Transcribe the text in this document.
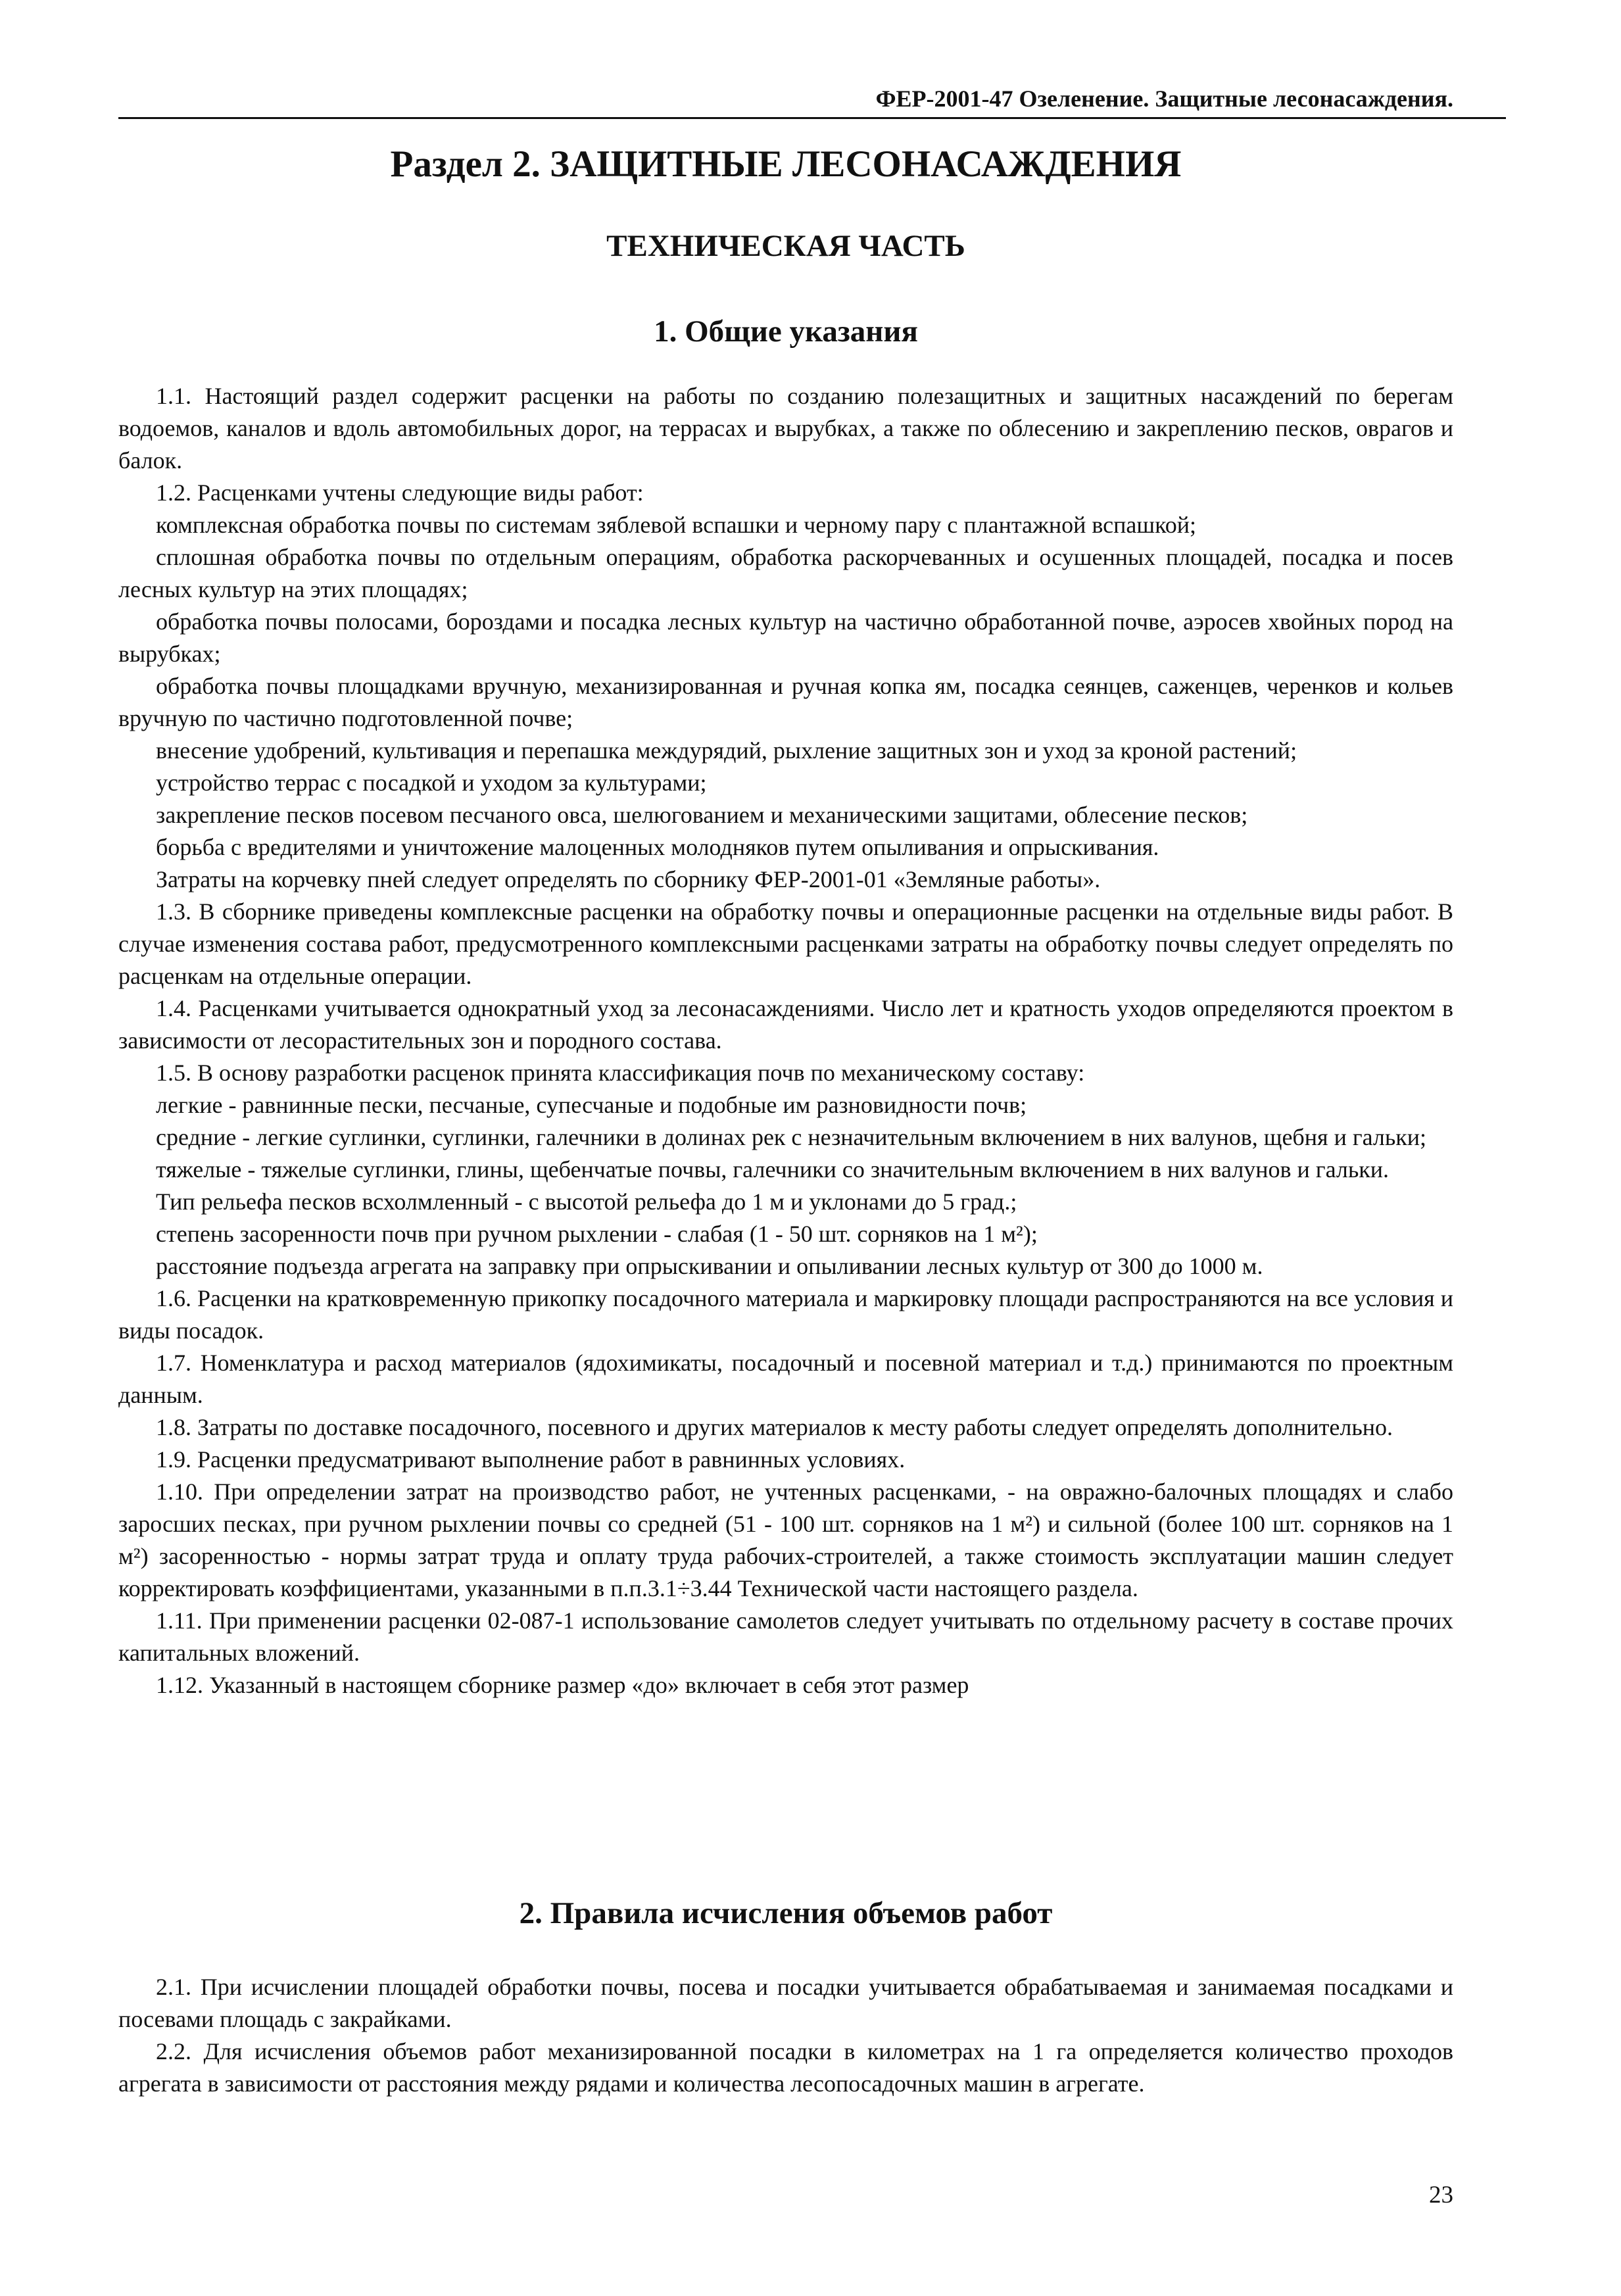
ФЕР-2001-47 Озеленение. Защитные лесонасаждения.
Раздел 2. ЗАЩИТНЫЕ ЛЕСОНАСАЖДЕНИЯ
ТЕХНИЧЕСКАЯ ЧАСТЬ
1. Общие указания

1.1. Настоящий раздел содержит расценки на работы по созданию полезащитных и защитных насаждений по берегам водоемов, каналов и вдоль автомобильных дорог, на террасах и вырубках, а также по облесению и закреплению песков, оврагов и балок.

1.2. Расценками учтены следующие виды работ:

комплексная обработка почвы по системам зяблевой вспашки и черному пару с плантажной вспашкой;

сплошная обработка почвы по отдельным операциям, обработка раскорчеванных и осушенных площадей, посадка и посев лесных культур на этих площадях;

обработка почвы полосами, бороздами и посадка лесных культур на частично обработанной почве, аэросев хвойных пород на вырубках;

обработка почвы площадками вручную, механизированная и ручная копка ям, посадка сеянцев, саженцев, черенков и кольев вручную по частично подготовленной почве;

внесение удобрений, культивация и перепашка междурядий, рыхление защитных зон и уход за кроной растений;

устройство террас с посадкой и уходом за культурами;

закрепление песков посевом песчаного овса, шелюгованием и механическими защитами, облесение песков;

борьба с вредителями и уничтожение малоценных молодняков путем опыливания и опрыскивания.

Затраты на корчевку пней следует определять по сборнику ФЕР-2001-01 «Земляные работы».

1.3. В сборнике приведены комплексные расценки на обработку почвы и операционные расценки на отдельные виды работ. В случае изменения состава работ, предусмотренного комплексными расценками затраты на обработку почвы следует определять по расценкам на отдельные операции.

1.4. Расценками учитывается однократный уход за лесонасаждениями. Число лет и кратность уходов определяются проектом в зависимости от лесорастительных зон и породного состава.

1.5. В основу разработки расценок принята классификация почв по механическому составу:

легкие - равнинные пески, песчаные, супесчаные и подобные им разновидности почв;

средние - легкие суглинки, суглинки, галечники в долинах рек с незначительным включением в них валунов, щебня и гальки;

тяжелые - тяжелые суглинки, глины, щебенчатые почвы, галечники со значительным включением в них валунов и гальки.

Тип рельефа песков всхолмленный - с высотой рельефа до 1 м и уклонами до 5 град.;

степень засоренности почв при ручном рыхлении - слабая (1 - 50 шт. сорняков на 1 м²);

расстояние подъезда агрегата на заправку при опрыскивании и опыливании лесных культур от 300 до 1000 м.

1.6. Расценки на кратковременную прикопку посадочного материала и маркировку площади распространяются на все условия и виды посадок.

1.7. Номенклатура и расход материалов (ядохимикаты, посадочный и посевной материал и т.д.) принимаются по проектным данным.

1.8. Затраты по доставке посадочного, посевного и других материалов к месту работы следует определять дополнительно.

1.9. Расценки предусматривают выполнение работ в равнинных условиях.

1.10. При определении затрат на производство работ, не учтенных расценками, - на овражно-балочных площадях и слабо заросших песках, при ручном рыхлении почвы со средней (51 - 100 шт. сорняков на 1 м²) и сильной (более 100 шт. сорняков на 1 м²) засоренностью - нормы затрат труда и оплату труда рабочих-строителей, а также стоимость эксплуатации машин следует корректировать коэффициентами, указанными в п.п.3.1÷3.44 Технической части настоящего раздела.

1.11. При применении расценки 02-087-1 использование самолетов следует учитывать по отдельному расчету в составе прочих капитальных вложений.

1.12. Указанный в настоящем сборнике размер «до» включает в себя этот размер

2. Правила исчисления объемов работ

2.1. При исчислении площадей обработки почвы, посева и посадки учитывается обрабатываемая и занимаемая посадками и посевами площадь с закрайками.

2.2. Для исчисления объемов работ механизированной посадки в километрах на 1 га определяется количество проходов агрегата в зависимости от расстояния между рядами и количества лесопосадочных машин в агрегате.

23
